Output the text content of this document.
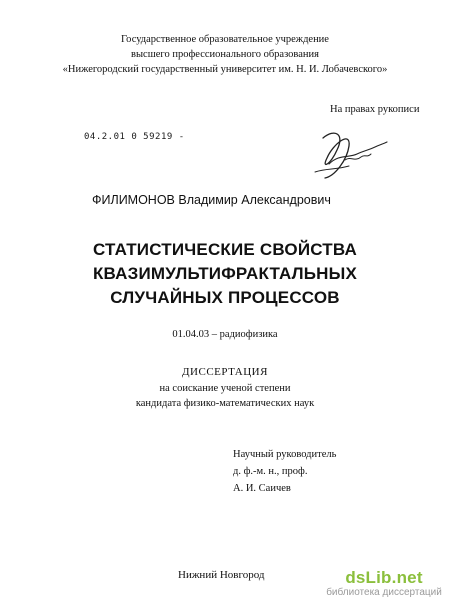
Государственное образовательное учреждение
высшего профессионального образования
«Нижегородский государственный университет им. Н. И. Лобачевского»
На правах рукописи
04.2.01 0 59219 -
ФИЛИМОНОВ Владимир Александрович
СТАТИСТИЧЕСКИЕ СВОЙСТВА
КВАЗИМУЛЬТИФРАКТАЛЬНЫХ
СЛУЧАЙНЫХ ПРОЦЕССОВ
01.04.03 – радиофизика
ДИССЕРТАЦИЯ
на соискание ученой степени
кандидата физико-математических наук
Научный руководитель
д. ф.-м. н., проф.
А. И. Саичев
Нижний Новгород	dsLib.net
библиотека диссертаций
